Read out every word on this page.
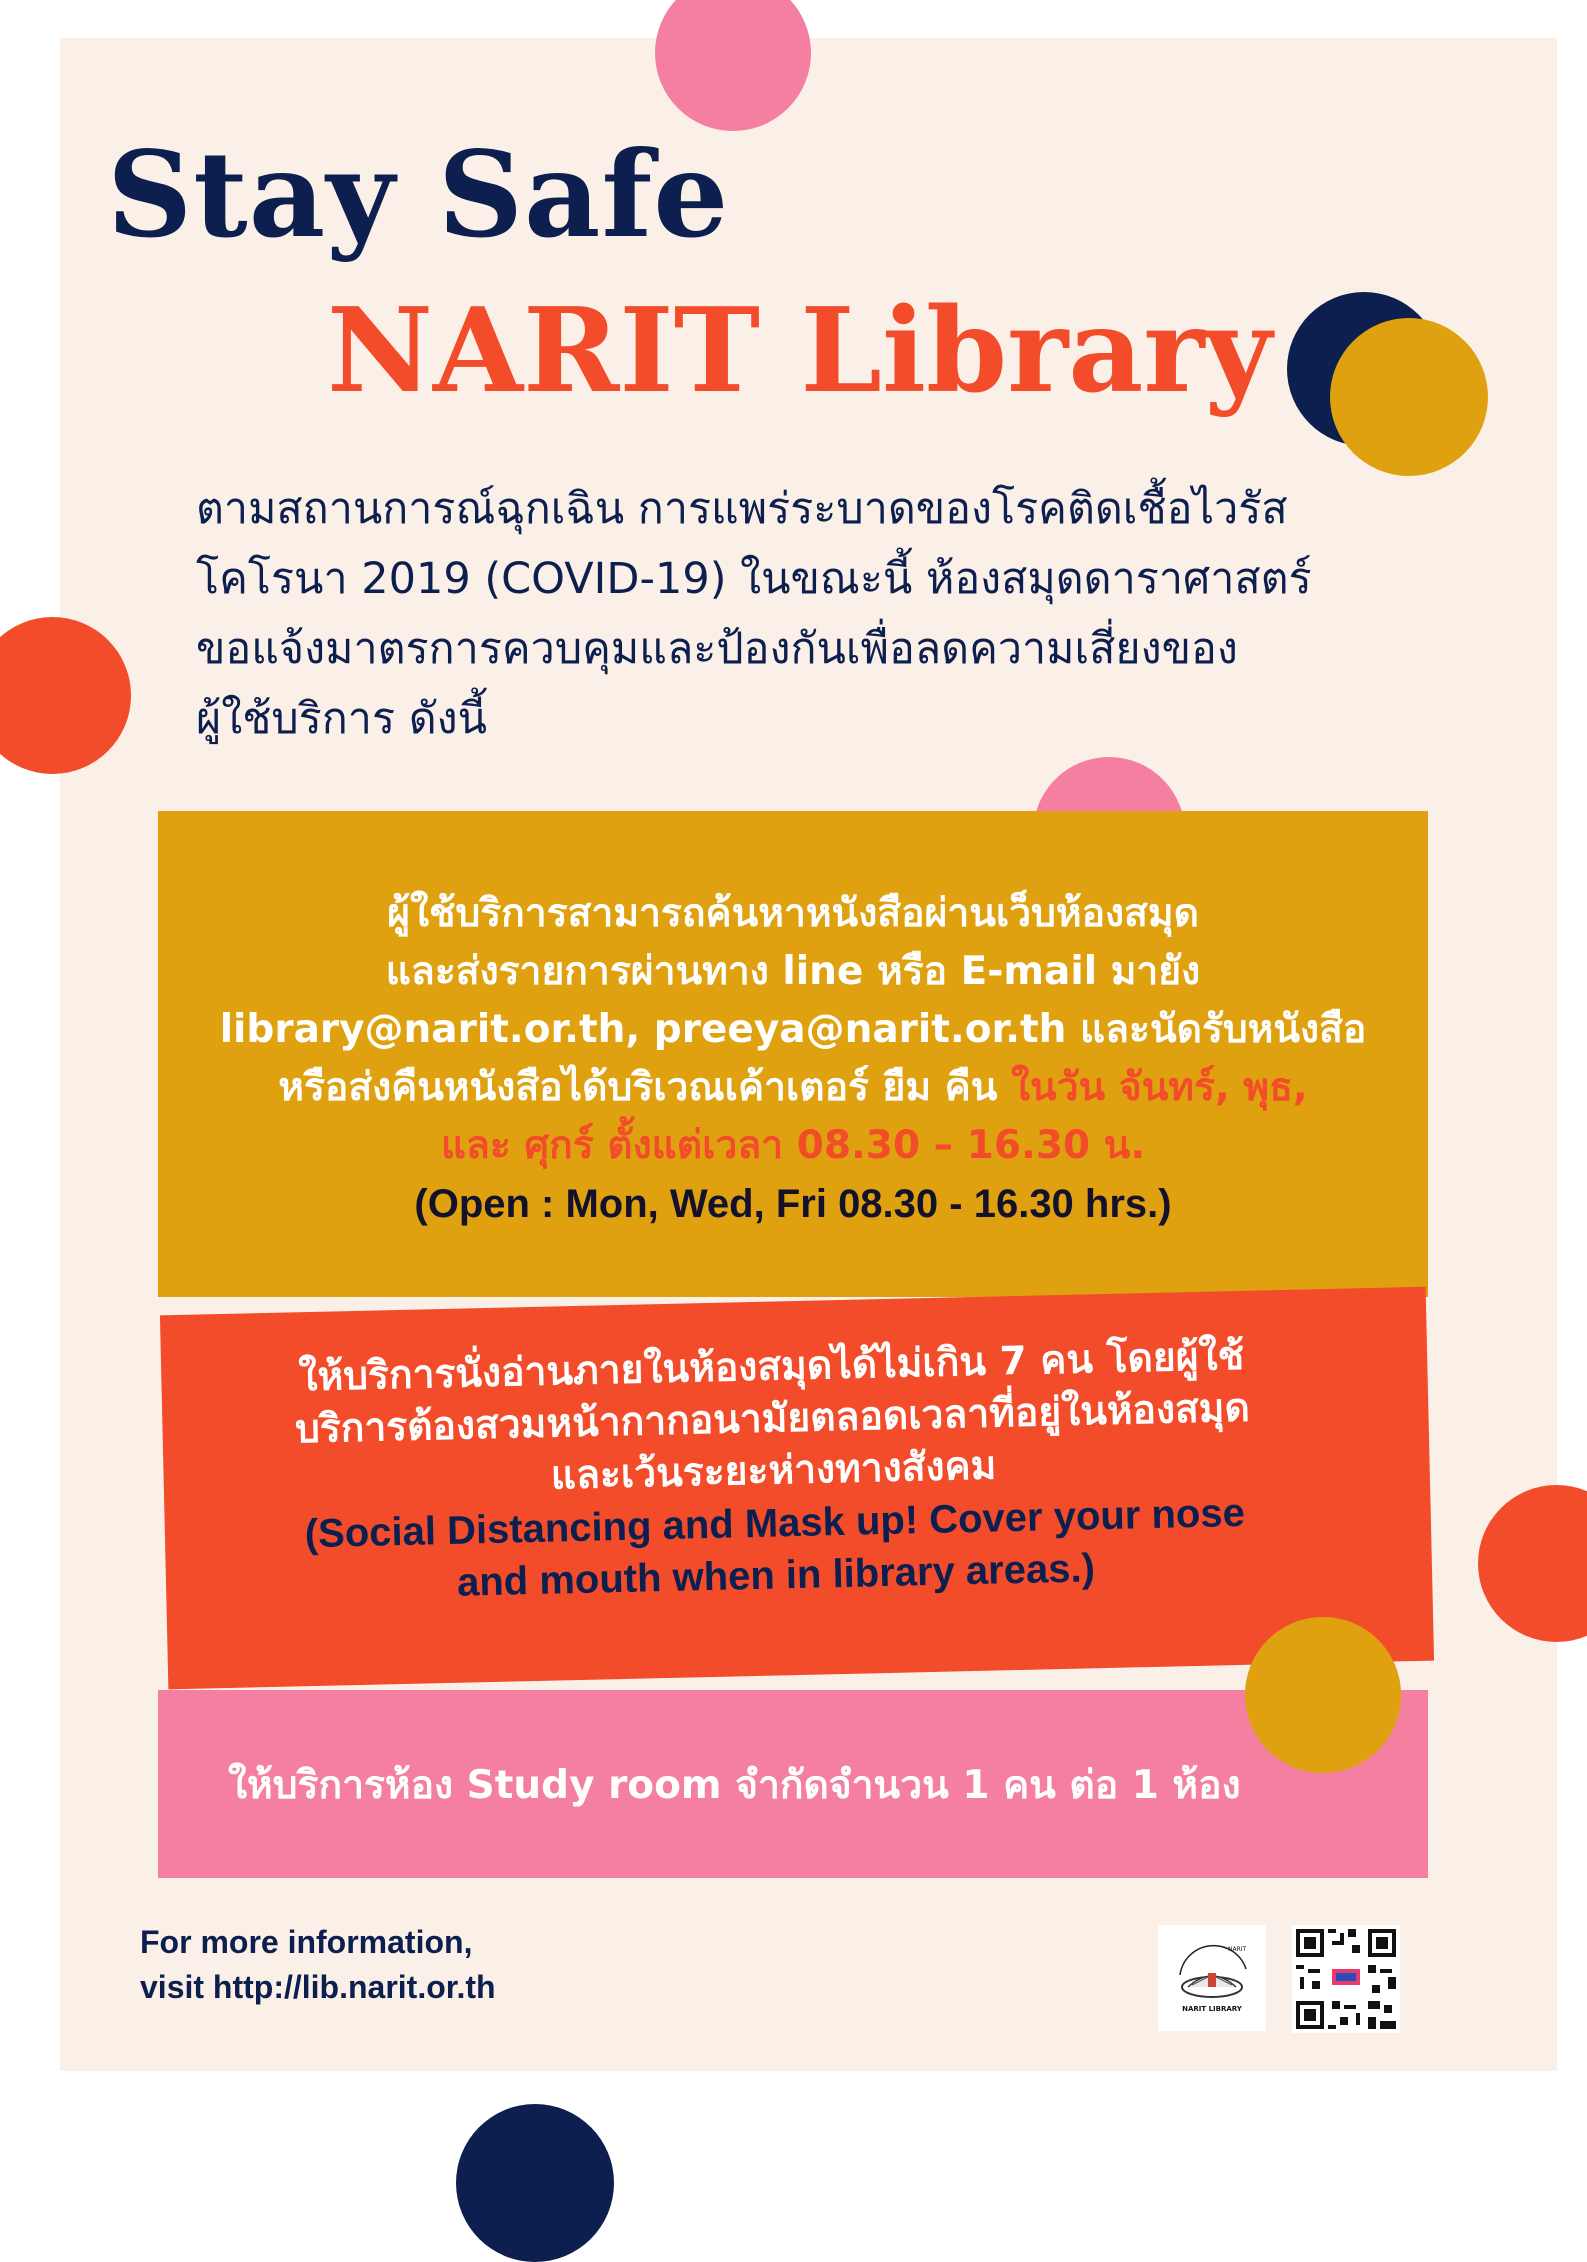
Stay Safe
NARIT Library
ตามสถานการณ์ฉุกเฉิน การแพร่ระบาดของโรคติดเชื้อไวรัส
โคโรนา 2019 (COVID-19) ในขณะนี้ ห้องสมุดดาราศาสตร์
ขอแจ้งมาตรการควบคุมและป้องกันเพื่อลดความเสี่ยงของ
ผู้ใช้บริการ ดังนี้
ผู้ใช้บริการสามารถค้นหาหนังสือผ่านเว็บห้องสมุด
และส่งรายการผ่านทาง line หรือ E-mail มายัง
library@narit.or.th, preeya@narit.or.th และนัดรับหนังสือ
หรือส่งคืนหนังสือได้บริเวณเค้าเตอร์ ยืม คืน ในวัน จันทร์, พุธ,
และ ศุกร์ ตั้งแต่เวลา 08.30 – 16.30 น.
(Open : Mon, Wed, Fri 08.30 - 16.30 hrs.)
ให้บริการนั่งอ่านภายในห้องสมุดได้ไม่เกิน 7 คน โดยผู้ใช้
บริการต้องสวมหน้ากากอนามัยตลอดเวลาที่อยู่ในห้องสมุด
และเว้นระยะห่างทางสังคม
(Social Distancing and Mask up! Cover your nose
and mouth when in library areas.)
ให้บริการห้อง Study room จำกัดจำนวน 1 คน ต่อ 1 ห้อง
For more information,
visit http://lib.narit.or.th
NARIT LIBRARY
NARIT
